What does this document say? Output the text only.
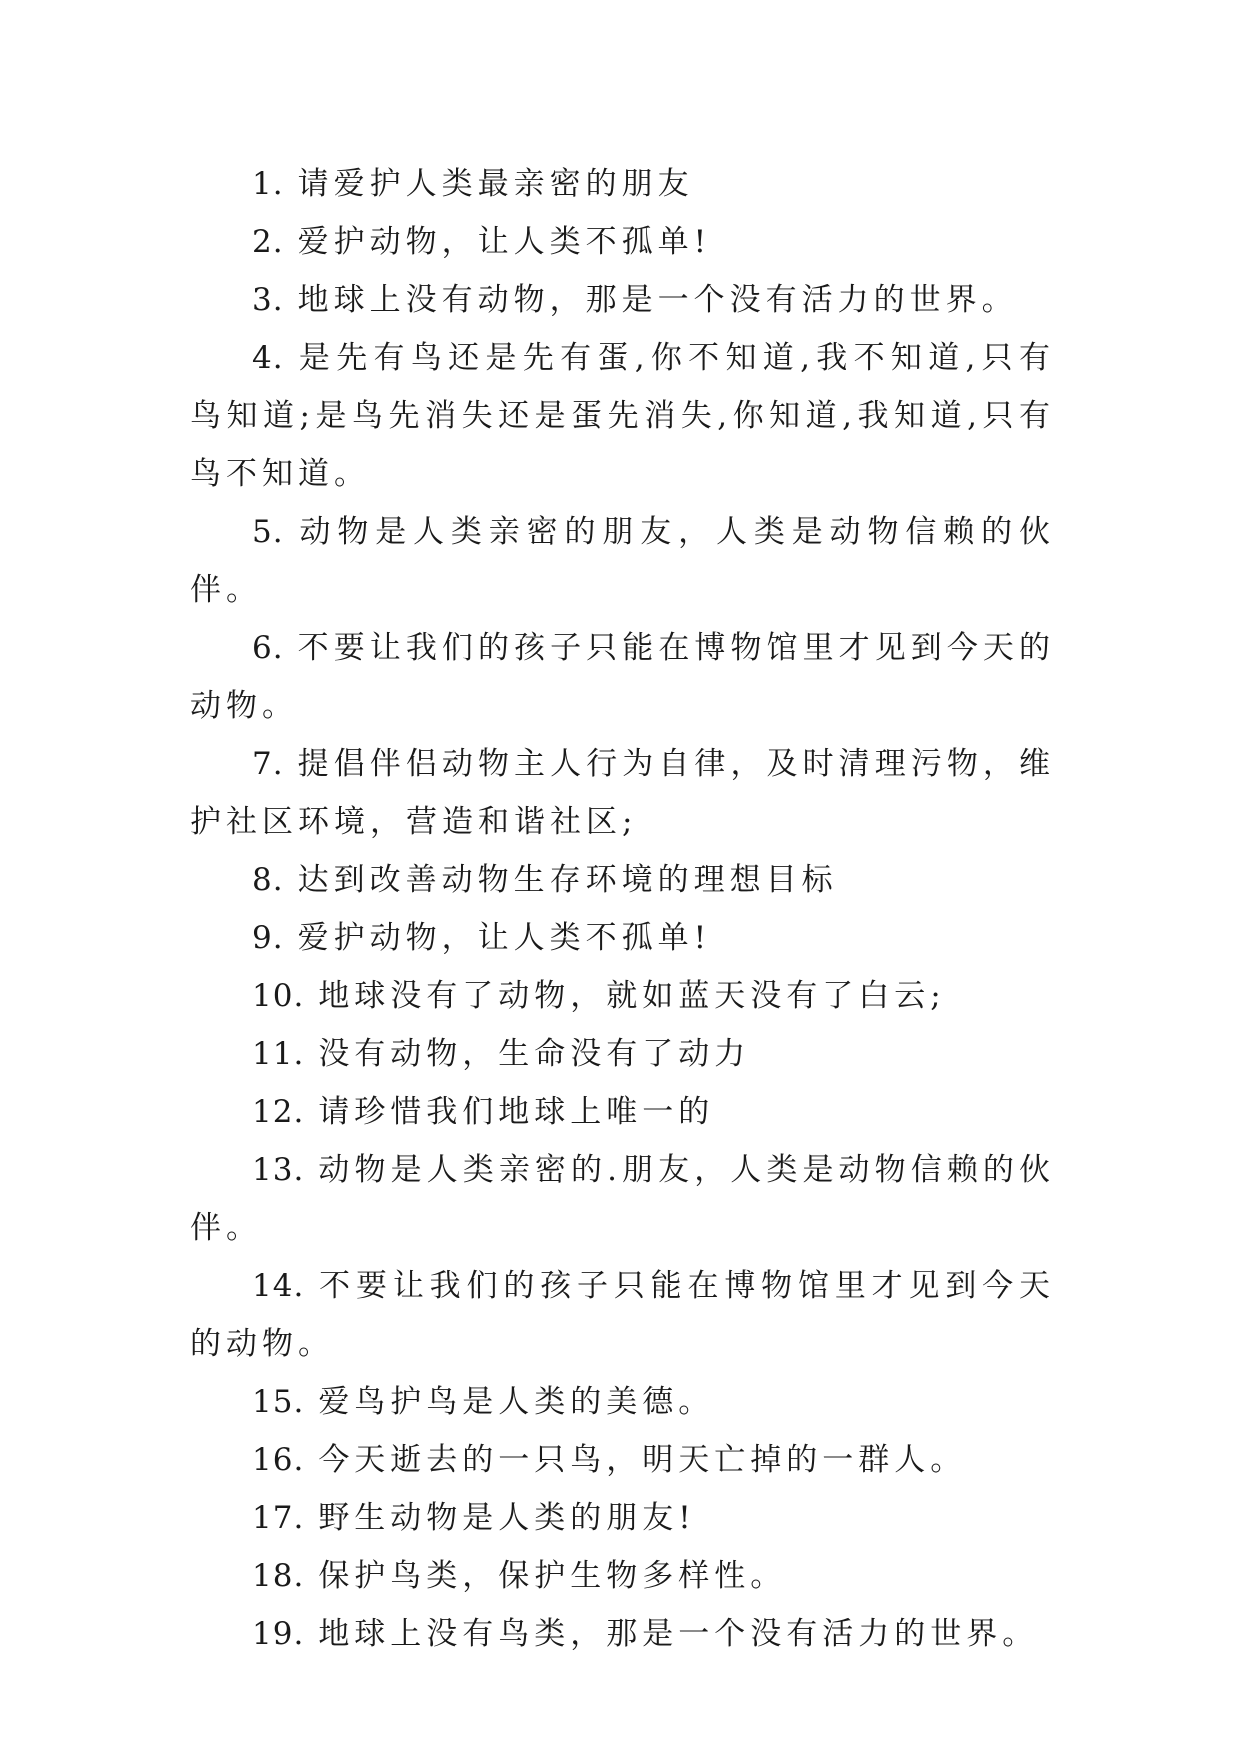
1. 请爱护人类最亲密的朋友

2. 爱护动物，让人类不孤单!

3. 地球上没有动物，那是一个没有活力的世界。

4. 是先有鸟还是先有蛋,你不知道,我不知道,只有鸟知道;是鸟先消失还是蛋先消失,你知道,我知道,只有鸟不知道。

5. 动物是人类亲密的朋友，人类是动物信赖的伙伴。

6. 不要让我们的孩子只能在博物馆里才见到今天的动物。

7. 提倡伴侣动物主人行为自律，及时清理污物，维护社区环境，营造和谐社区;

8. 达到改善动物生存环境的理想目标

9. 爱护动物，让人类不孤单!

10. 地球没有了动物，就如蓝天没有了白云;

11. 没有动物，生命没有了动力

12. 请珍惜我们地球上唯一的

13. 动物是人类亲密的.朋友，人类是动物信赖的伙伴。

14. 不要让我们的孩子只能在博物馆里才见到今天的动物。

15. 爱鸟护鸟是人类的美德。

16. 今天逝去的一只鸟，明天亡掉的一群人。

17. 野生动物是人类的朋友!

18. 保护鸟类，保护生物多样性。

19. 地球上没有鸟类，那是一个没有活力的世界。
